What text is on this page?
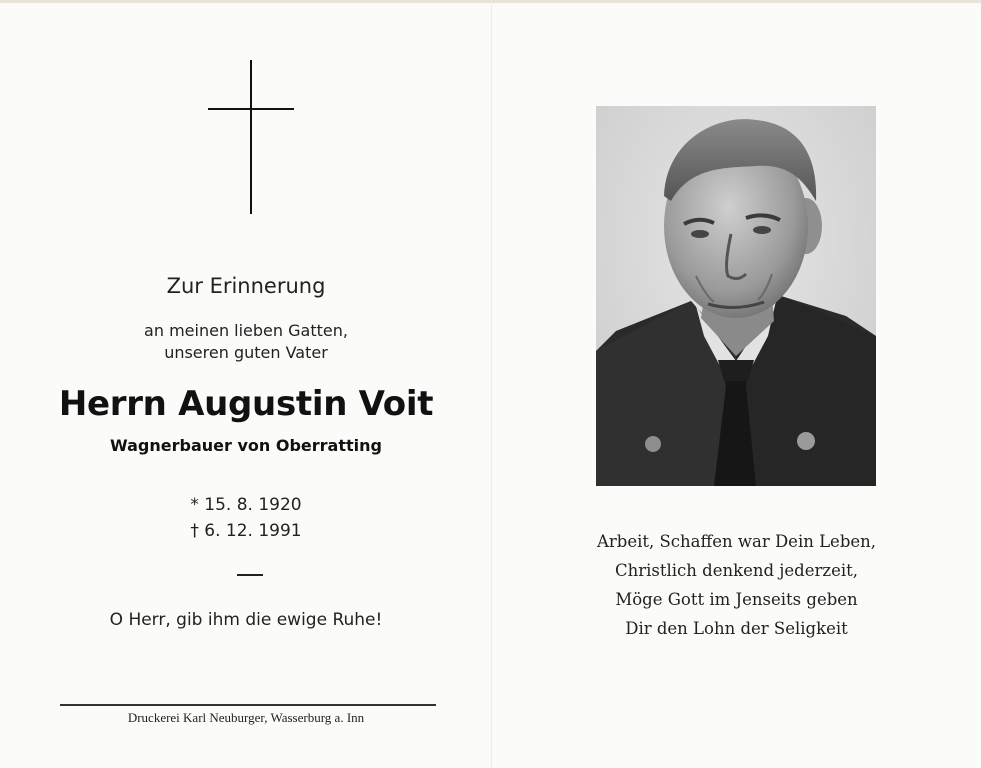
Zur Erinnerung
an meinen lieben Gatten,
unseren guten Vater
Herrn Augustin Voit
Wagnerbauer von Oberratting
* 15. 8. 1920
† 6. 12. 1991
O Herr, gib ihm die ewige Ruhe!
Druckerei Karl Neuburger, Wasserburg a. Inn
Arbeit, Schaffen war Dein Leben,
Christlich denkend jederzeit,
Möge Gott im Jenseits geben
Dir den Lohn der Seligkeit
